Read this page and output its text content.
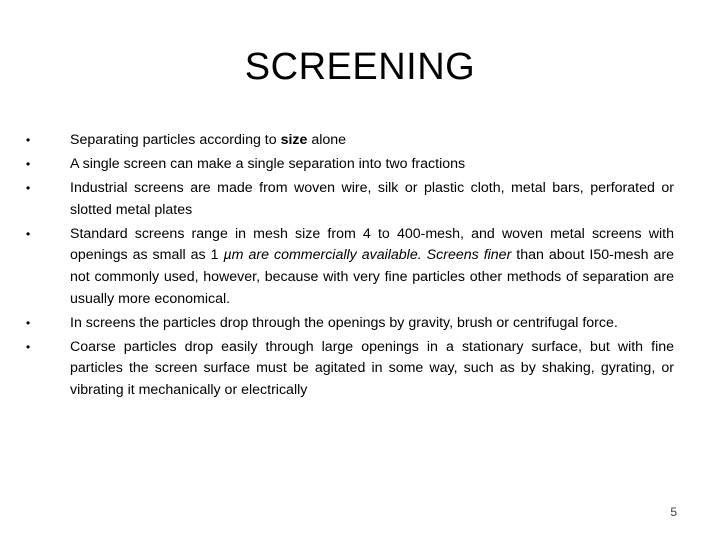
SCREENING
•	Separating particles according to size alone
•	A single screen can make a single separation into two fractions
•	Industrial screens are made from woven wire, silk or plastic cloth, metal bars, perforated or slotted metal plates
•	Standard screens range in mesh size from 4 to 400-mesh, and woven metal screens with openings as small as 1 µm are commercially available. Screens finer than about I50-mesh are not commonly used, however, because with very fine particles other methods of separation are usually more economical.
•	In screens the particles drop through the openings by gravity, brush or centrifugal force.
•	Coarse particles drop easily through large openings in a stationary surface, but with fine particles the screen surface must be agitated in some way, such as by shaking, gyrating, or vibrating it mechanically or electrically
5
